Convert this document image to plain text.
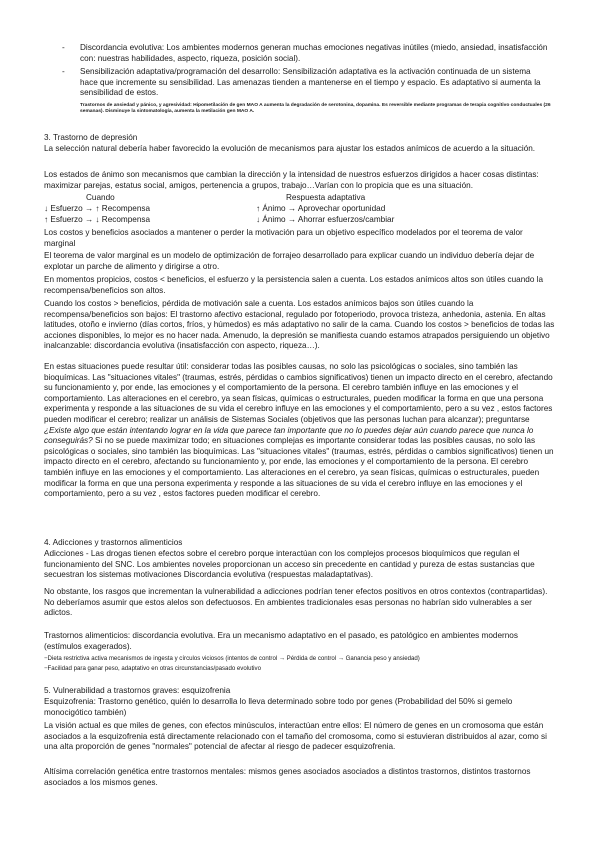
- Discordancia evolutiva: Los ambientes modernos generan muchas emociones negativas inútiles (miedo, ansiedad, insatisfacción con: nuestras habilidades, aspecto, riqueza, posición social).

- Sensibilización adaptativa/programación del desarrollo: Sensibilización adaptativa es la activación continuada de un sistema hace que incremente su sensibilidad. Las amenazas tienden a mantenerse en el tiempo y espacio. Es adaptativo si aumenta la sensibilidad de estos.

Trastornos de ansiedad y pánico, y agresividad: Hipometilación de gen MAO A aumenta la degradación de serotonina, dopamina. Es reversible mediante programas de terapia cognitivo conductuales (26 semanas). Disminuye la sintomatología, aumenta la metilación gen MAO A.

3. Trastorno de depresión

La selección natural debería haber favorecido la evolución de mecanismos para ajustar los estados anímicos de acuerdo a la situación.

Los estados de ánimo son mecanismos que cambian la dirección y la intensidad de nuestros esfuerzos dirigidos a hacer cosas distintas: maximizar parejas, estatus social, amigos, pertenencia a grupos, trabajo…Varían con lo propicia que es una situación.

Cuando	Respuesta adaptativa
↓ Esfuerzo → ↑ Recompensa	↑ Ánimo → Aprovechar oportunidad
↑ Esfuerzo → ↓ Recompensa	↓ Ánimo → Ahorrar esfuerzos/cambiar

Los costos y beneficios asociados a mantener o perder la motivación para un objetivo específico modelados por el teorema de valor marginal

El teorema de valor marginal es un modelo de optimización de forrajeo desarrollado para explicar cuando un individuo debería dejar de explotar un parche de alimento y dirigirse a otro.

En momentos propicios, costos < beneficios, el esfuerzo y la persistencia salen a cuenta. Los estados anímicos altos son útiles cuando la recompensa/beneficios son altos.

Cuando los costos > beneficios, pérdida de motivación sale a cuenta. Los estados anímicos bajos son útiles cuando la recompensa/beneficios son bajos: El trastorno afectivo estacional, regulado por fotoperiodo, provoca tristeza, anhedonia, astenia. En altas latitudes, otoño e invierno (días cortos, fríos, y húmedos) es más adaptativo no salir de la cama. Cuando los costos > beneficios de todas las acciones disponibles, lo mejor es no hacer nada. Amenudo, la depresión se manifiesta cuando estamos atrapados persiguiendo un objetivo inalcanzable: discordancia evolutiva (insatisfacción con aspecto, riqueza…).

En estas situaciones puede resultar útil: considerar todas las posibles causas, no solo las psicológicas o sociales, sino también las bioquímicas. Las "situaciones vitales" (traumas, estrés, pérdidas o cambios significativos) tienen un impacto directo en el cerebro, afectando su funcionamiento y, por ende, las emociones y el comportamiento de la persona. El cerebro también influye en las emociones y el comportamiento. Las alteraciones en el cerebro, ya sean físicas, químicas o estructurales, pueden modificar la forma en que una persona experimenta y responde a las situaciones de su vida el cerebro influye en las emociones y el comportamiento, pero a su vez , estos factores pueden modificar el cerebro; realizar un análisis de Sistemas Sociales (objetivos que las personas luchan para alcanzar); preguntarse ¿Existe algo que están intentando lograr en la vida que parece tan importante que no lo puedes dejar aún cuando parece que nunca lo conseguirás? Si no se puede maximizar todo; en situaciones complejas es importante considerar todas las posibles causas, no solo las psicológicas o sociales, sino también las bioquímicas. Las "situaciones vitales" (traumas, estrés, pérdidas o cambios significativos) tienen un impacto directo en el cerebro, afectando su funcionamiento y, por ende, las emociones y el comportamiento de la persona. El cerebro también influye en las emociones y el comportamiento. Las alteraciones en el cerebro, ya sean físicas, químicas o estructurales, pueden modificar la forma en que una persona experimenta y responde a las situaciones de su vida el cerebro influye en las emociones y el comportamiento, pero a su vez , estos factores pueden modificar el cerebro.

4. Adicciones y trastornos alimenticios

Adicciones - Las drogas tienen efectos sobre el cerebro porque interactúan con los complejos procesos bioquímicos que regulan el funcionamiento del SNC. Los ambientes noveles proporcionan un acceso sin precedente en cantidad y pureza de estas sustancias que secuestran los sistemas motivaciones Discordancia evolutiva (respuestas maladaptativas).

No obstante, los rasgos que incrementan la vulnerabilidad a adicciones podrían tener efectos positivos en otros contextos (contrapartidas). No deberíamos asumir que estos alelos son defectuosos. En ambientes tradicionales esas personas no habrían sido vulnerables a ser adictos.

Trastornos alimenticios: discordancia evolutiva. Era un mecanismo adaptativo en el pasado, es patológico en ambientes modernos (estímulos exagerados).

−Dieta restrictiva activa mecanismos de ingesta y círculos viciosos (intentos de control → Pérdida de control → Ganancia peso y ansiedad)

−Facilidad para ganar peso, adaptativo en otras circunstancias/pasado evolutivo

5. Vulnerabilidad a trastornos graves: esquizofrenia

Esquizofrenia: Trastorno genético, quién lo desarrolla lo lleva determinado sobre todo por genes (Probabilidad del 50% si gemelo monocigótico también)

La visión actual es que miles de genes, con efectos minúsculos, interactúan entre ellos: El número de genes en un cromosoma que están asociados a la esquizofrenia está directamente relacionado con el tamaño del cromosoma, como si estuvieran distribuidos al azar, como si una alta proporción de genes "normales" potencial de afectar al riesgo de padecer esquizofrenia.

Altísima correlación genética entre trastornos mentales: mismos genes asociados asociados a distintos trastornos, distintos trastornos asociados a los mismos genes.
